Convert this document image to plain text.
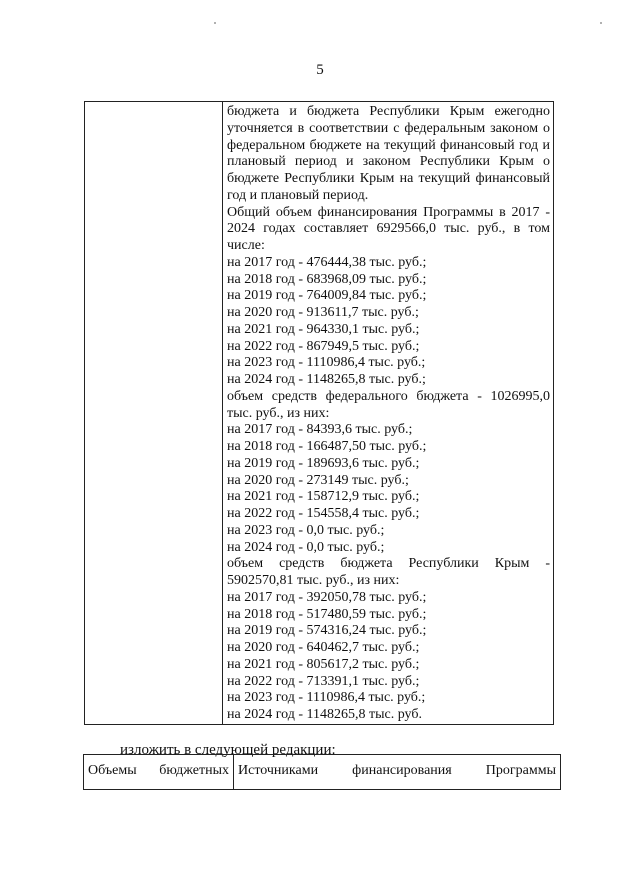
5
бюджета и бюджета Республики Крым ежегодно уточняется в соответствии с федеральным законом о федеральном бюджете на текущий финансовый год и плановый период и законом Республики Крым о бюджете Республики Крым на текущий финансовый год и плановый период.
Общий объем финансирования Программы в 2017 - 2024 годах составляет 6929566,0 тыс. руб., в том числе:
на 2017 год - 476444,38 тыс. руб.;
на 2018 год - 683968,09 тыс. руб.;
на 2019 год - 764009,84 тыс. руб.;
на 2020 год - 913611,7 тыс. руб.;
на 2021 год - 964330,1 тыс. руб.;
на 2022 год - 867949,5 тыс. руб.;
на 2023 год - 1110986,4 тыс. руб.;
на 2024 год - 1148265,8 тыс. руб.;
объем средств федерального бюджета - 1026995,0 тыс. руб., из них:
на 2017 год - 84393,6 тыс. руб.;
на 2018 год - 166487,50 тыс. руб.;
на 2019 год - 189693,6 тыс. руб.;
на 2020 год - 273149 тыс. руб.;
на 2021 год - 158712,9 тыс. руб.;
на 2022 год - 154558,4 тыс. руб.;
на 2023 год - 0,0 тыс. руб.;
на 2024 год - 0,0 тыс. руб.;
объем средств бюджета Республики Крым - 5902570,81 тыс. руб., из них:
на 2017 год - 392050,78 тыс. руб.;
на 2018 год - 517480,59 тыс. руб.;
на 2019 год - 574316,24 тыс. руб.;
на 2020 год - 640462,7 тыс. руб.;
на 2021 год - 805617,2 тыс. руб.;
на 2022 год - 713391,1 тыс. руб.;
на 2023 год - 1110986,4 тыс. руб.;
на 2024 год - 1148265,8 тыс. руб.
изложить в следующей редакции:
Объемы бюджетных Источниками финансирования Программы
